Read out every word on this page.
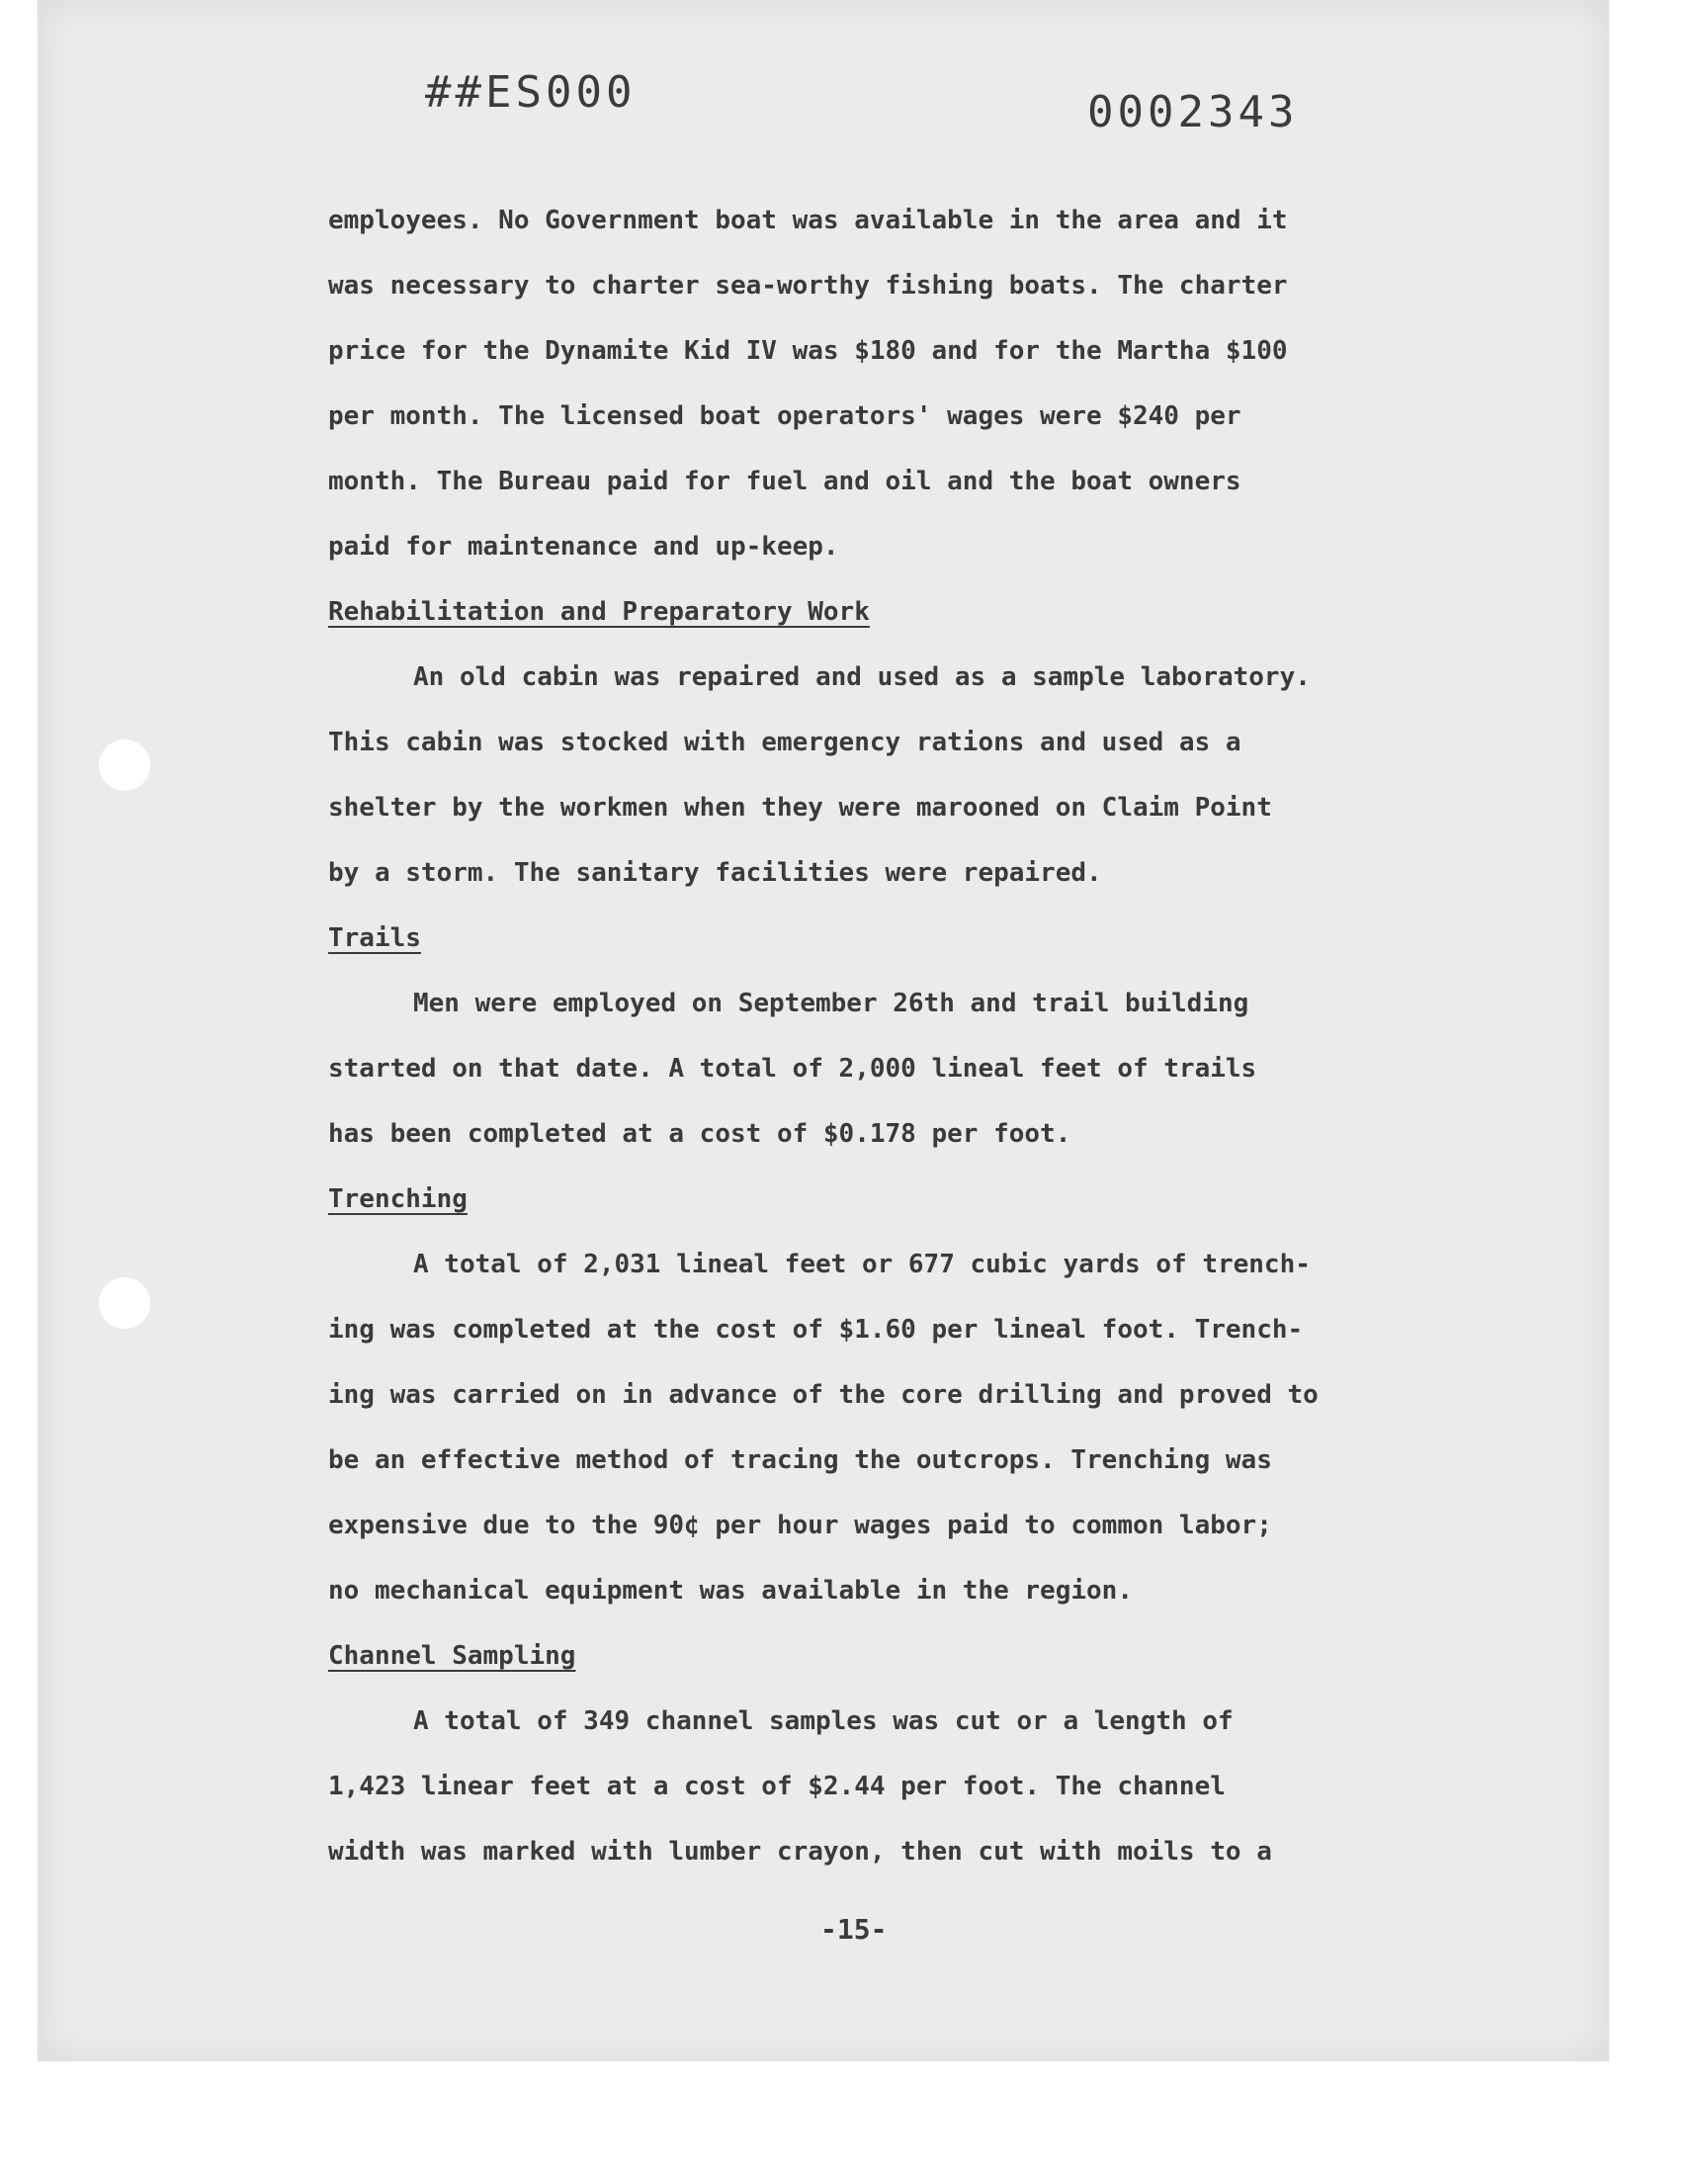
##ES000	0002343
employees. No Government boat was available in the area and it
was necessary to charter sea-worthy fishing boats. The charter
price for the Dynamite Kid IV was $180 and for the Martha $100
per month. The licensed boat operators' wages were $240 per
month. The Bureau paid for fuel and oil and the boat owners
paid for maintenance and up-keep.
Rehabilitation and Preparatory Work
An old cabin was repaired and used as a sample laboratory.
This cabin was stocked with emergency rations and used as a
shelter by the workmen when they were marooned on Claim Point
by a storm. The sanitary facilities were repaired.
Trails
Men were employed on September 26th and trail building
started on that date. A total of 2,000 lineal feet of trails
has been completed at a cost of $0.178 per foot.
Trenching
A total of 2,031 lineal feet or 677 cubic yards of trench-
ing was completed at the cost of $1.60 per lineal foot. Trench-
ing was carried on in advance of the core drilling and proved to
be an effective method of tracing the outcrops. Trenching was
expensive due to the 90¢ per hour wages paid to common labor;
no mechanical equipment was available in the region.
Channel Sampling
A total of 349 channel samples was cut or a length of
1,423 linear feet at a cost of $2.44 per foot. The channel
width was marked with lumber crayon, then cut with moils to a
-15-
